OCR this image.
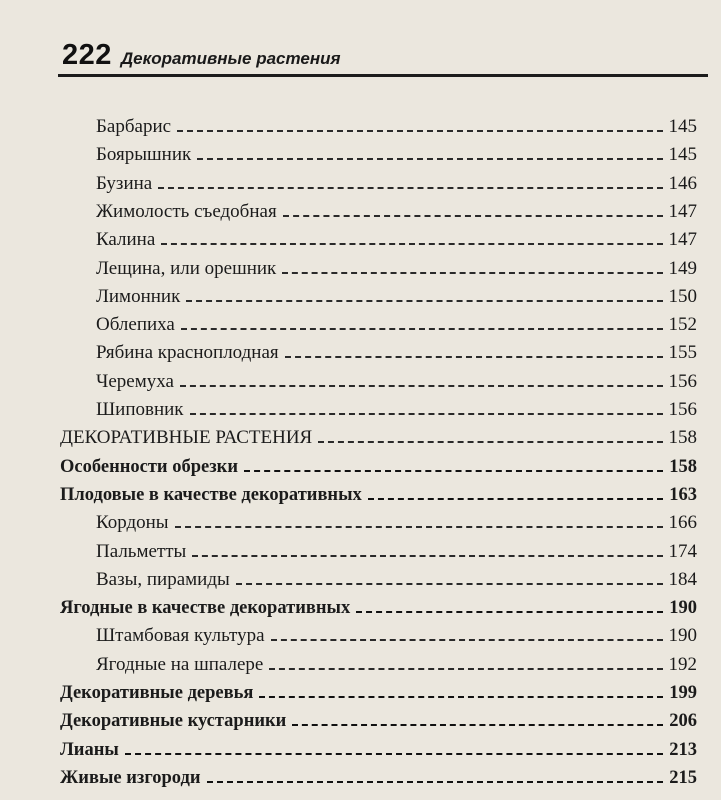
222 Декоративные растения
Барбарис	145
Боярышник	145
Бузина	146
Жимолость съедобная	147
Калина	147
Лещина, или орешник	149
Лимонник	150
Облепиха	152
Рябина красноплодная	155
Черемуха	156
Шиповник	156
ДЕКОРАТИВНЫЕ РАСТЕНИЯ	158
Особенности обрезки	158
Плодовые в качестве декоративных	163
Кордоны	166
Пальметты	174
Вазы, пирамиды	184
Ягодные в качестве декоративных	190
Штамбовая культура	190
Ягодные на шпалере	192
Декоративные деревья	199
Декоративные кустарники	206
Лианы	213
Живые изгороди	215
